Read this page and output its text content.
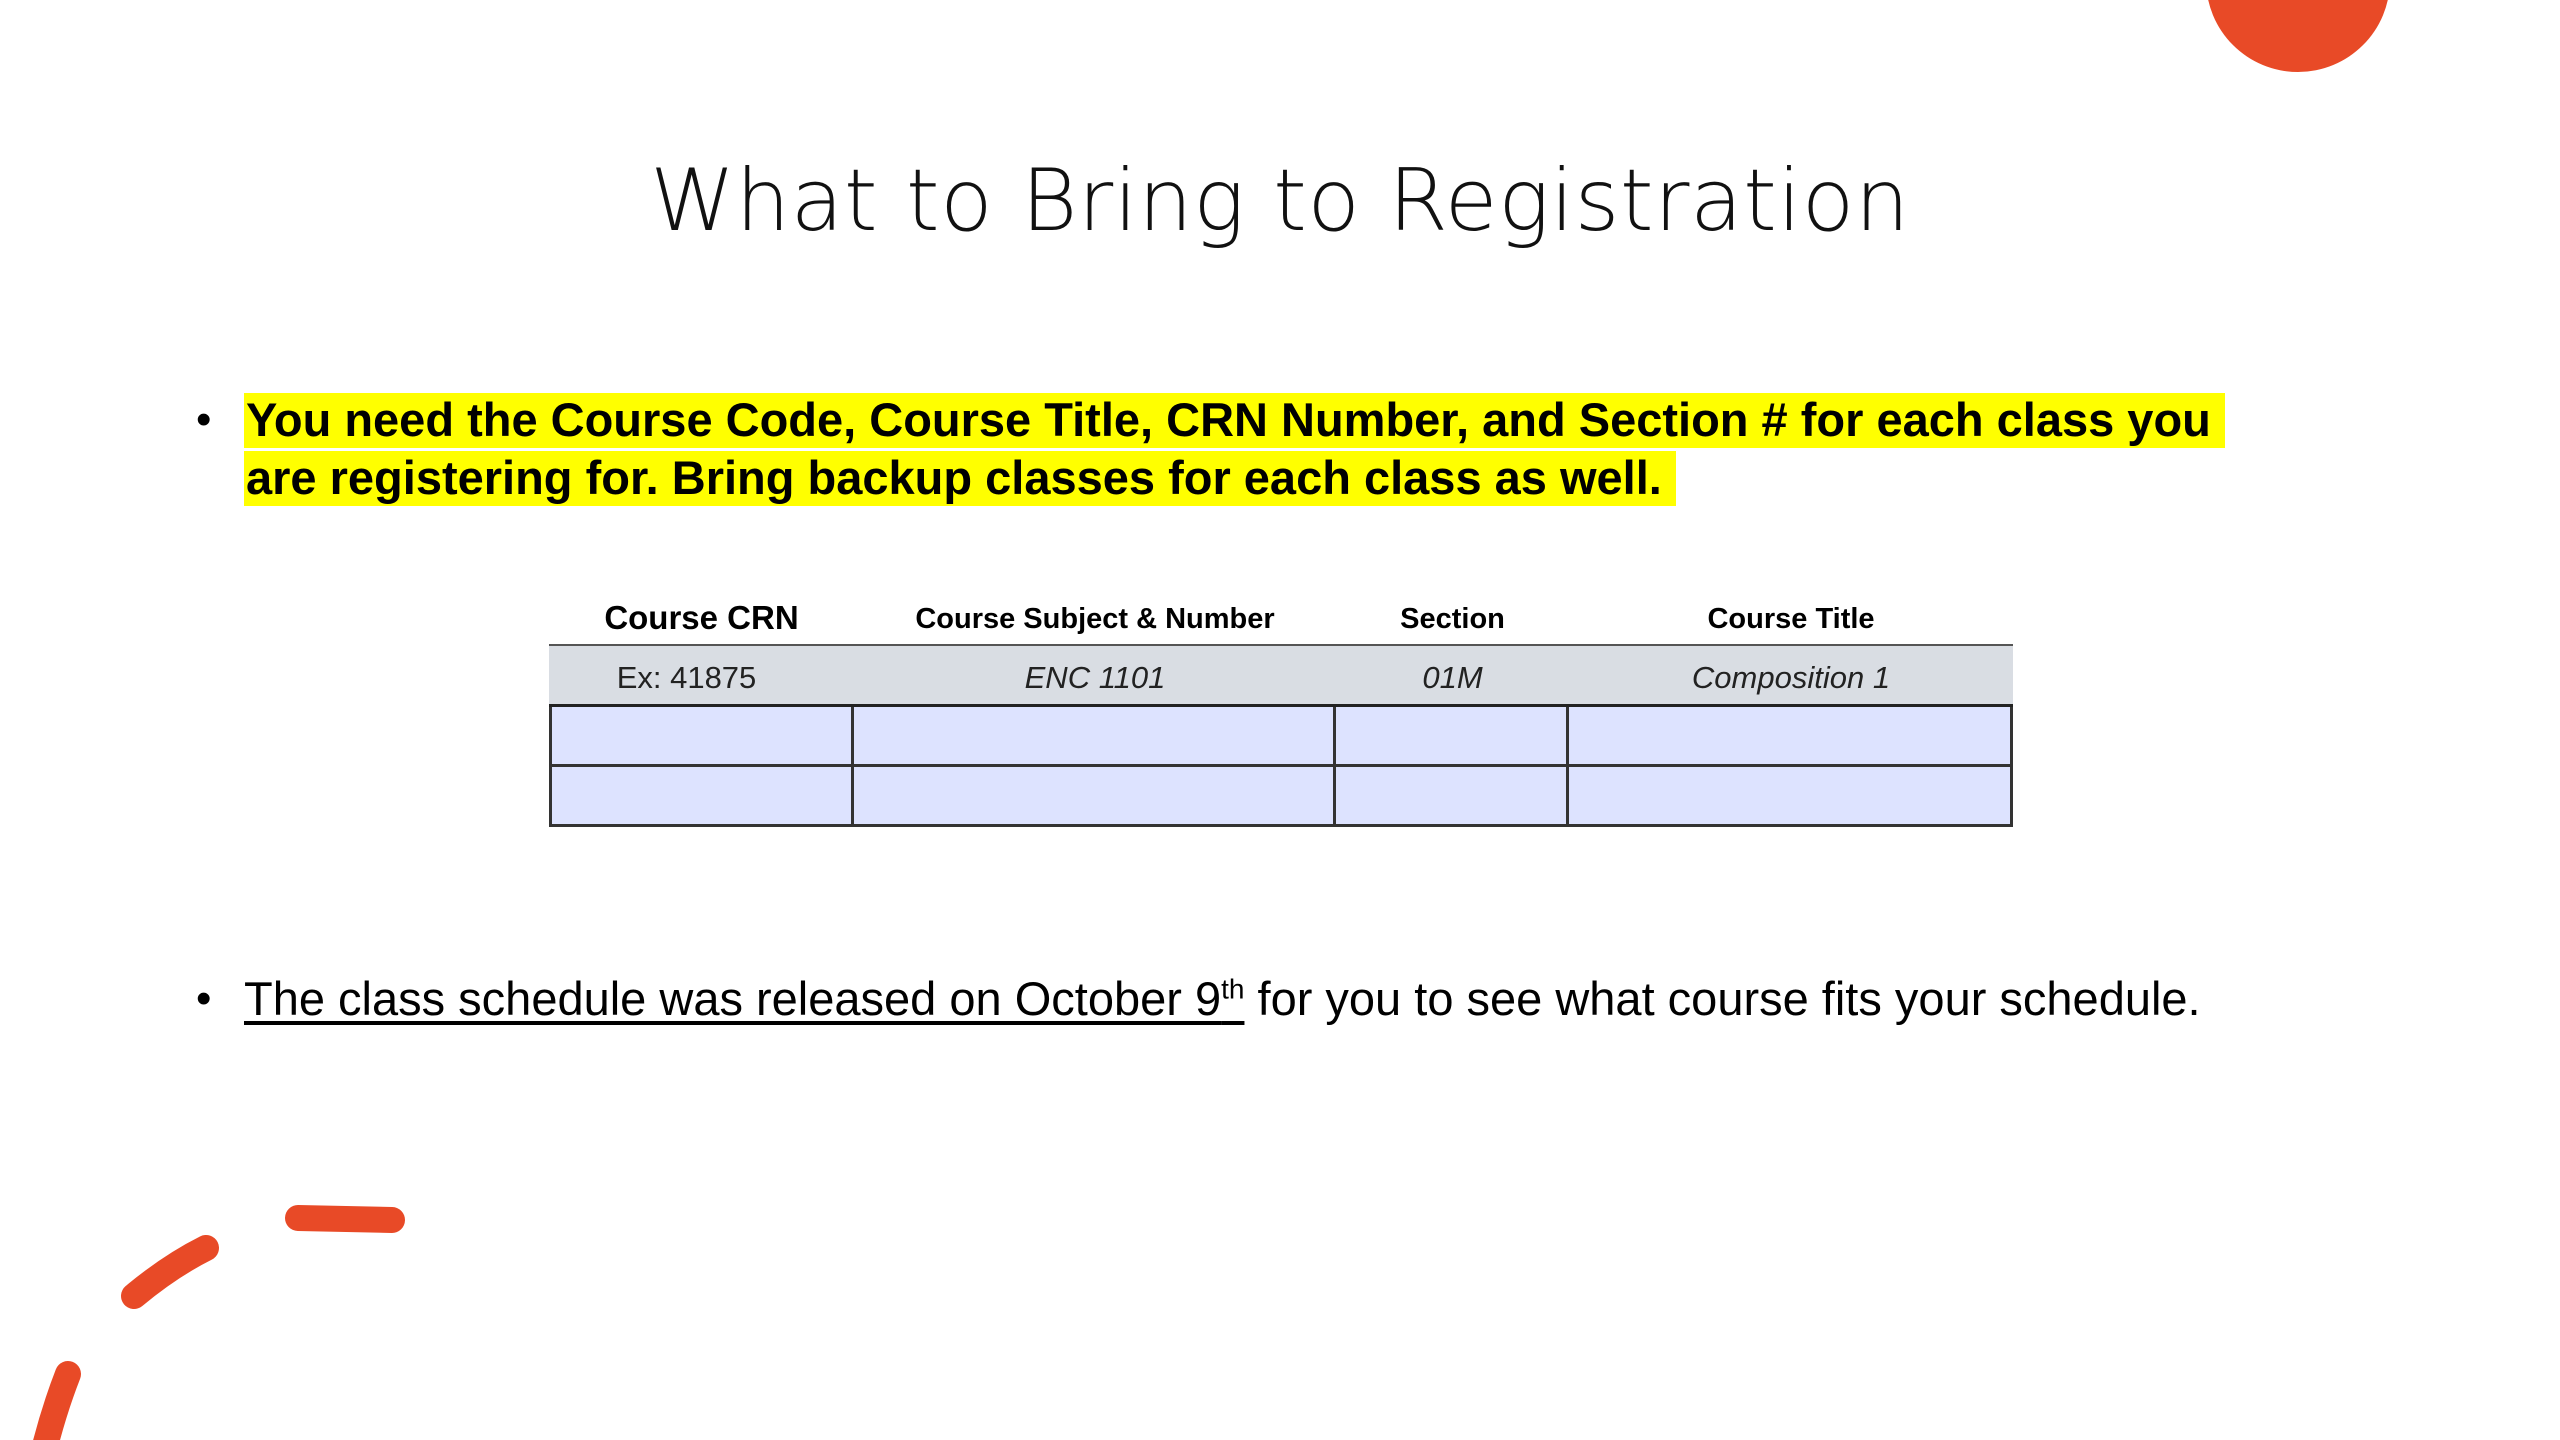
What to Bring to Registration
• You need the Course Code, Course Title, CRN Number, and Section # for each class you are registering for. Bring backup classes for each class as well.
Course CRN	Course Subject & Number	Section	Course Title
Ex: 41875	ENC 1101	01M	Composition 1
• The class schedule was released on October 9th for you to see what course fits your schedule.
